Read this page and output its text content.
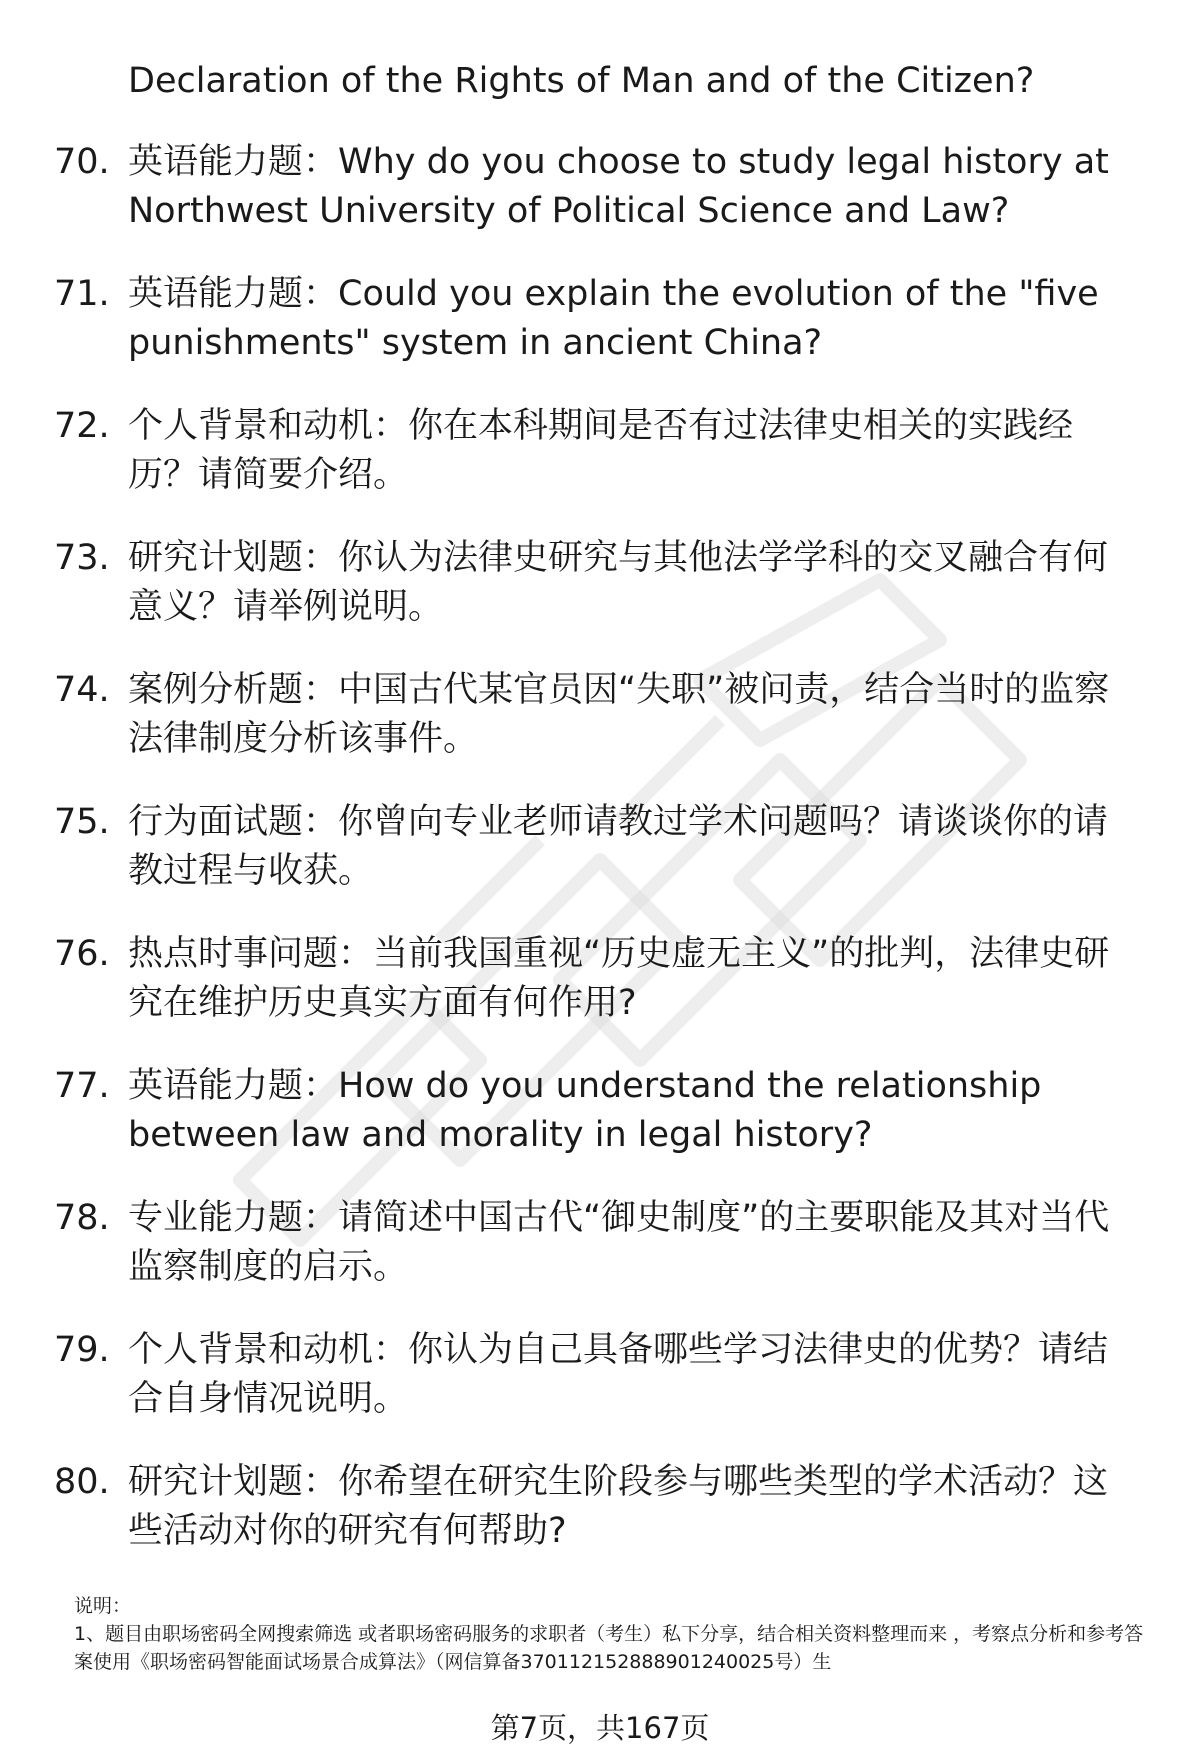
Declaration of the Rights of Man and of the Citizen?
70. 英语能力题：Why do you choose to study legal history at Northwest University of Political Science and Law?
71. 英语能力题：Could you explain the evolution of the "five punishments" system in ancient China?
72. 个人背景和动机：你在本科期间是否有过法律史相关的实践经历？请简要介绍。
73. 研究计划题：你认为法律史研究与其他法学学科的交叉融合有何意义？请举例说明。
74. 案例分析题：中国古代某官员因“失职”被问责，结合当时的监察法律制度分析该事件。
75. 行为面试题：你曾向专业老师请教过学术问题吗？请谈谈你的请教过程与收获。
76. 热点时事问题：当前我国重视“历史虚无主义”的批判，法律史研究在维护历史真实方面有何作用?
77. 英语能力题：How do you understand the relationship between law and morality in legal history?
78. 专业能力题：请简述中国古代“御史制度”的主要职能及其对当代监察制度的启示。
79. 个人背景和动机：你认为自己具备哪些学习法律史的优势？请结合自身情况说明。
80. 研究计划题：你希望在研究生阶段参与哪些类型的学术活动？这些活动对你的研究有何帮助?
说明：
1、题目由职场密码全网搜索筛选 或者职场密码服务的求职者（考生）私下分享，结合相关资料整理而来 ，考察点分析和参考答案使用《职场密码智能面试场景合成算法》（网信算备370112152888901240025号）生
第7页，共167页
